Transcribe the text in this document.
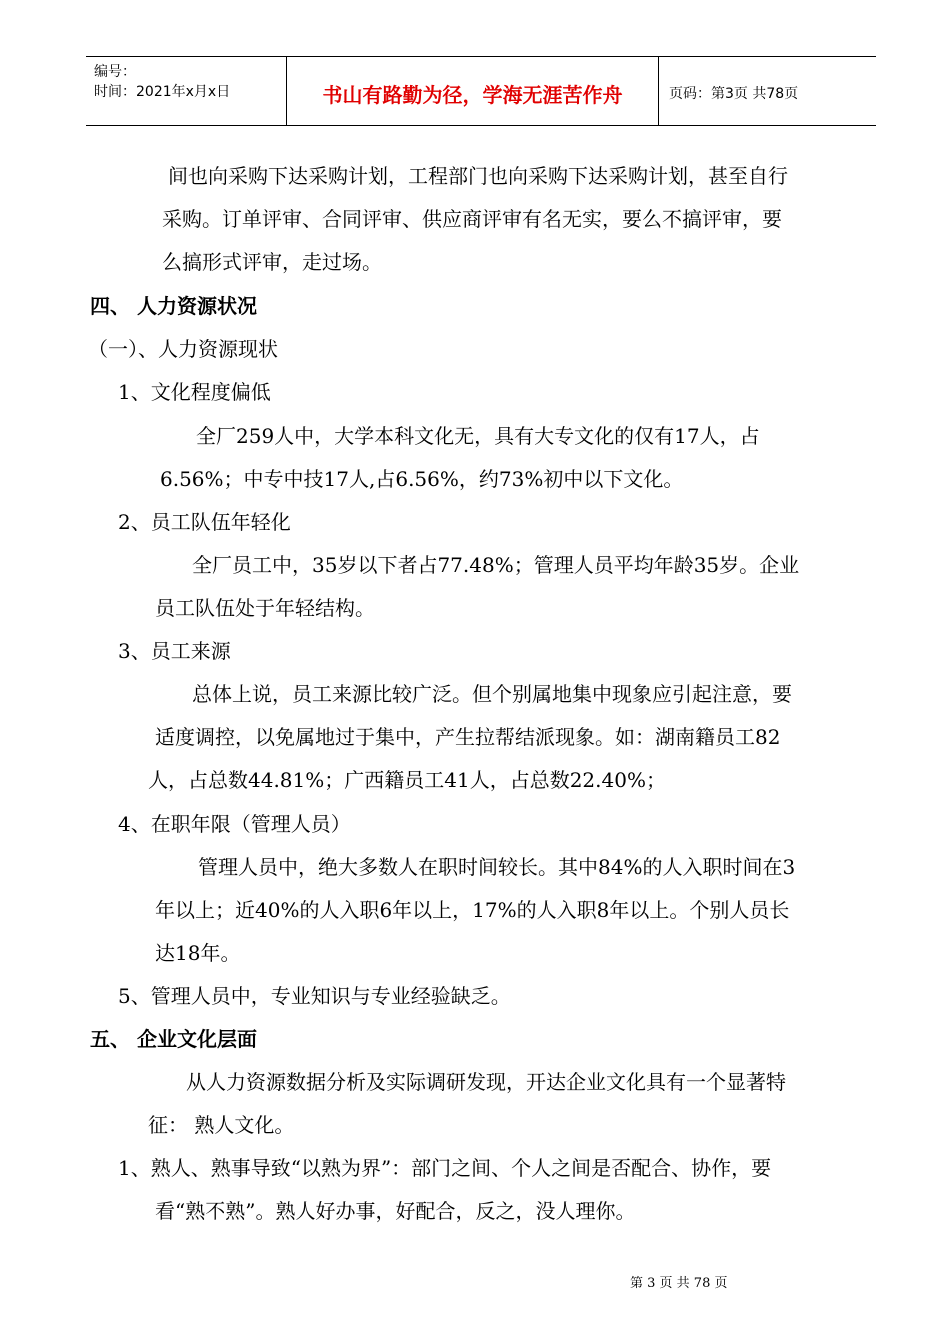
编号：
时间：2021年x月x日	书山有路勤为径，学海无涯苦作舟	页码：第3页 共78页
间也向采购下达采购计划，工程部门也向采购下达采购计划，甚至自行
采购。订单评审、合同评审、供应商评审有名无实，要么不搞评审，要
么搞形式评审，走过场。
四、 人力资源状况
（一）、人力资源现状
1、文化程度偏低
全厂259人中，大学本科文化无，具有大专文化的仅有17人，占
6.56%；中专中技17人,占6.56%，约73%初中以下文化。
2、员工队伍年轻化
全厂员工中，35岁以下者占77.48%；管理人员平均年龄35岁。企业
员工队伍处于年轻结构。
3、员工来源
总体上说，员工来源比较广泛。但个别属地集中现象应引起注意，要
适度调控，以免属地过于集中，产生拉帮结派现象。如：湖南籍员工82
人，占总数44.81%；广西籍员工41人，占总数22.40%；
4、在职年限（管理人员）
管理人员中，绝大多数人在职时间较长。其中84%的人入职时间在3
年以上；近40%的人入职6年以上，17%的人入职8年以上。个别人员长
达18年。
5、管理人员中，专业知识与专业经验缺乏。
五、 企业文化层面
从人力资源数据分析及实际调研发现，开达企业文化具有一个显著特
征： 熟人文化。
1、熟人、熟事导致“以熟为界”：部门之间、个人之间是否配合、协作，要
看“熟不熟”。熟人好办事，好配合，反之，没人理你。
第 3 页 共 78 页
